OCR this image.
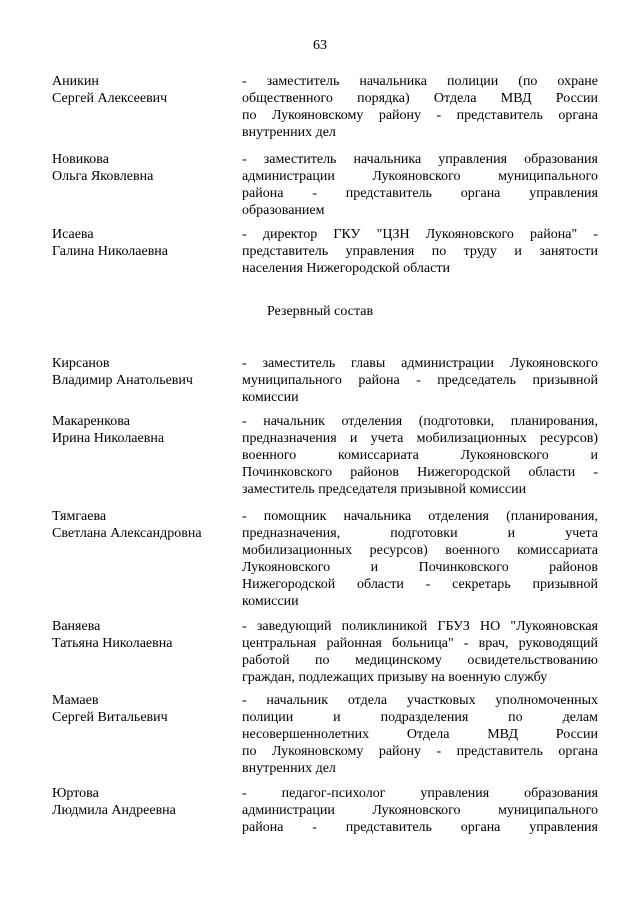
63
Аникин
Сергей Алексеевич
- заместитель начальника полиции (по охране
общественного порядка) Отдела МВД России
по Лукояновскому району - представитель органа
внутренних дел
Новикова
Ольга Яковлевна
- заместитель начальника управления образования
администрации Лукояновского муниципального
района - представитель органа управления
образованием
Исаева
Галина Николаевна
- директор ГКУ "ЦЗН Лукояновского района" -
представитель управления по труду и занятости
населения Нижегородской области
Резервный состав
Кирсанов
Владимир Анатольевич
- заместитель главы администрации Лукояновского
муниципального района - председатель призывной
комиссии
Макаренкова
Ирина Николаевна
- начальник отделения (подготовки, планирования,
предназначения и учета мобилизационных ресурсов)
военного комиссариата Лукояновского и
Починковского районов Нижегородской области -
заместитель председателя призывной комиссии
Тямгаева
Светлана Александровна
- помощник начальника отделения (планирования,
предназначения, подготовки и учета
мобилизационных ресурсов) военного комиссариата
Лукояновского и Починковского районов
Нижегородской области - секретарь призывной
комиссии
Ваняева
Татьяна Николаевна
- заведующий поликлиникой ГБУЗ НО "Лукояновская
центральная районная больница" - врач, руководящий
работой по медицинскому освидетельствованию
граждан, подлежащих призыву на военную службу
Мамаев
Сергей Витальевич
- начальник отдела участковых уполномоченных
полиции и подразделения по делам
несовершеннолетних Отдела МВД России
по Лукояновскому району - представитель органа
внутренних дел
Юртова
Людмила Андреевна
- педагог-психолог управления образования
администрации Лукояновского муниципального
района - представитель органа управления
